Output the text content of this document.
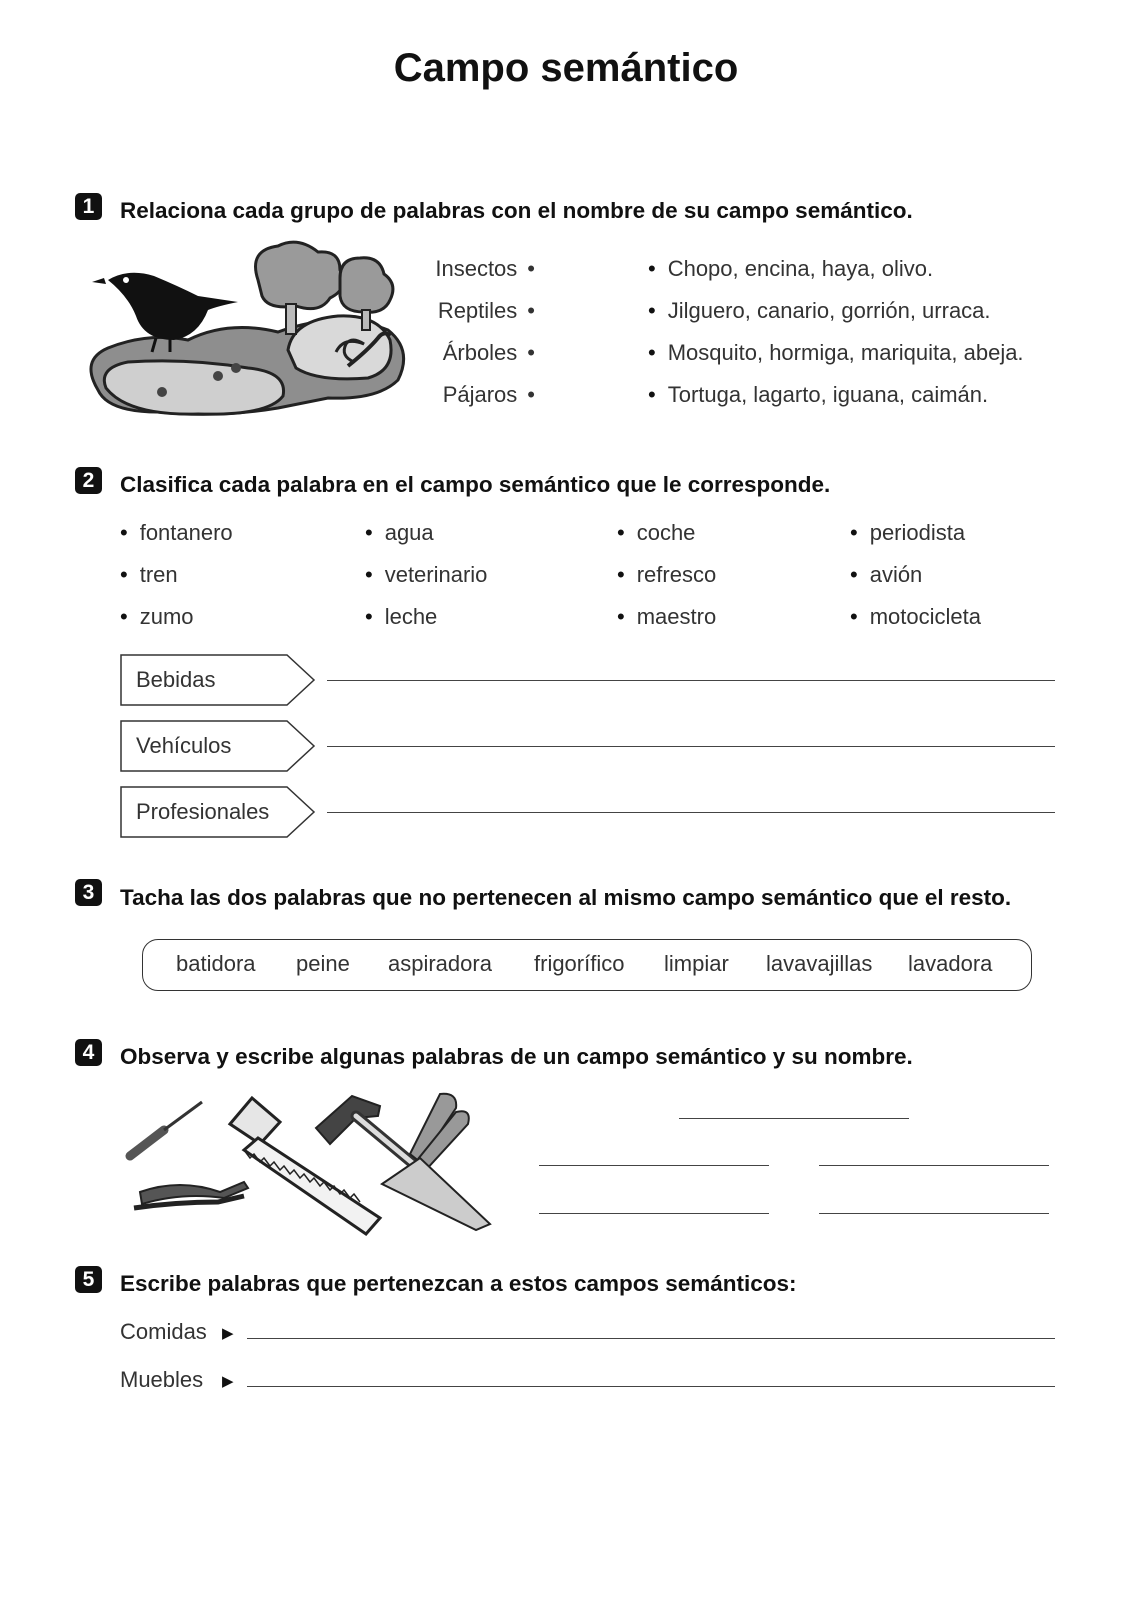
Campo semántico
1	Relaciona cada grupo de palabras con el nombre de su campo semántico.
Insectos •
Reptiles •
Árboles •
Pájaros •
• Chopo, encina, haya, olivo.
• Jilguero, canario, gorrión, urraca.
• Mosquito, hormiga, mariquita, abeja.
• Tortuga, lagarto, iguana, caimán.
2	Clasifica cada palabra en el campo semántico que le corresponde.
• fontanero
• tren
• zumo
• agua
• veterinario
• leche
• coche
• refresco
• maestro
• periodista
• avión
• motocicleta
Bebidas
Vehículos
Profesionales
3	Tacha las dos palabras que no pertenecen al mismo campo semántico que el resto.
batidora peine aspiradora frigorífico limpiar lavavajillas lavadora
4	Observa y escribe algunas palabras de un campo semántico y su nombre.
5	Escribe palabras que pertenezcan a estos campos semánticos:
Comidas ▶
Muebles ▶
